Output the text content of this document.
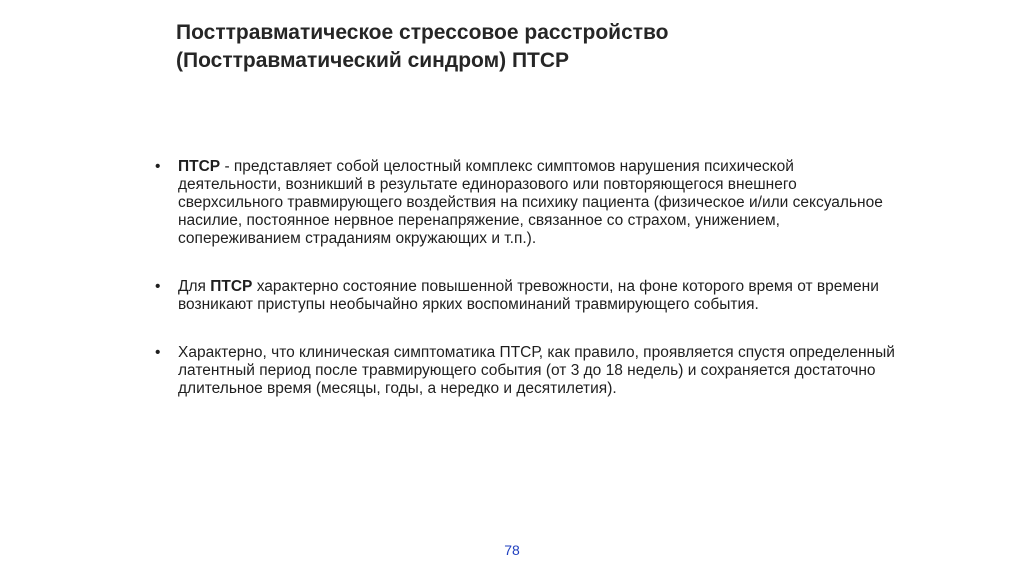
Посттравматическое стрессовое расстройство
(Посттравматический синдром) ПТСР
• ПТСР - представляет собой целостный комплекс симптомов нарушения психической деятельности, возникший в результате единоразового или повторяющегося внешнего сверхсильного травмирующего воздействия на психику пациента (физическое и/или сексуальное насилие, постоянное нервное перенапряжение, связанное со страхом, унижением, сопереживанием страданиям окружающих и т.п.).
• Для ПТСР характерно состояние повышенной тревожности, на фоне которого время от времени возникают приступы необычайно ярких воспоминаний травмирующего события.
• Характерно, что клиническая симптоматика ПТСР, как правило, проявляется спустя определенный латентный период после травмирующего события (от 3 до 18 недель) и сохраняется достаточно длительное время (месяцы, годы, а нередко и десятилетия).
78
